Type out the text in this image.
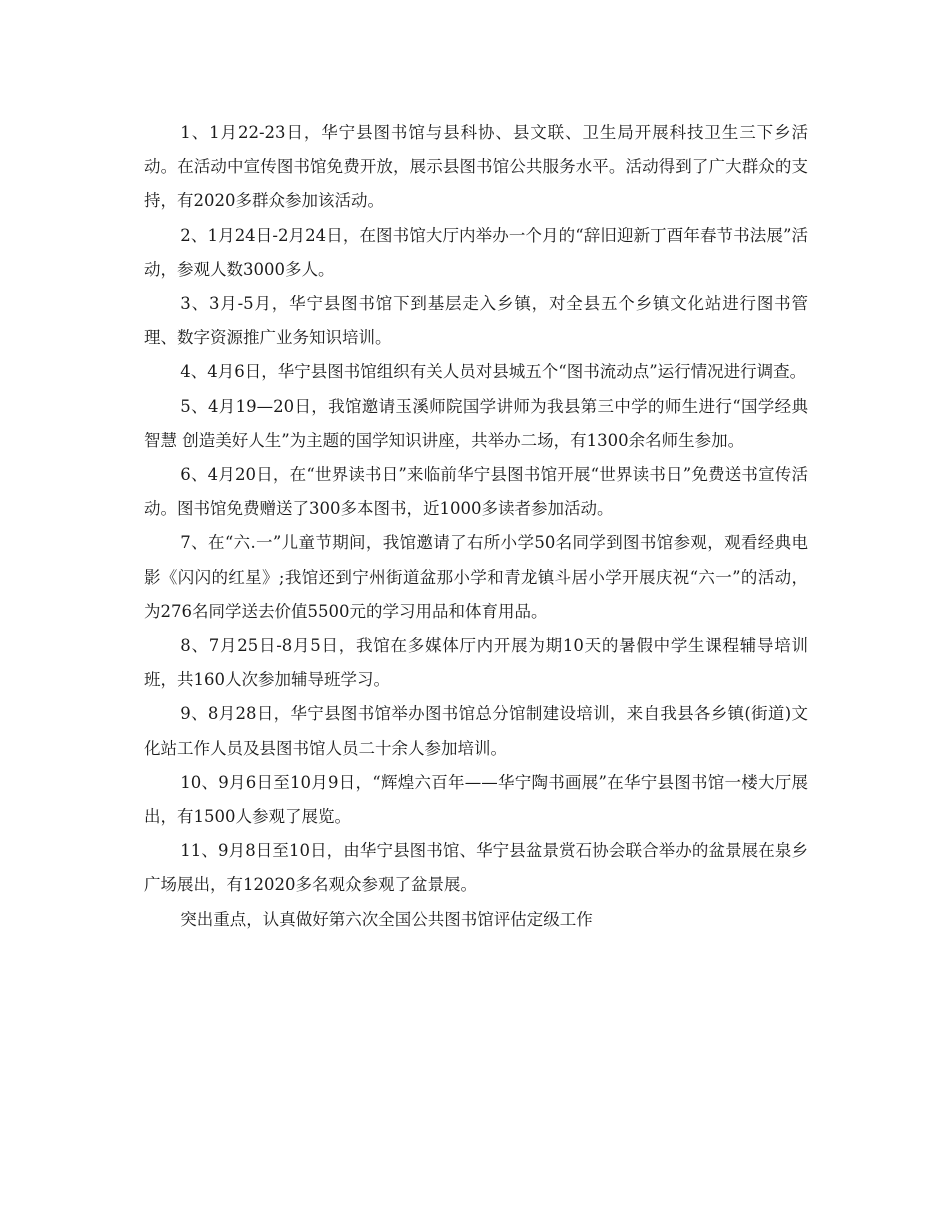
1、1月22-23日，华宁县图书馆与县科协、县文联、卫生局开展科技卫生三下乡活动。在活动中宣传图书馆免费开放，展示县图书馆公共服务水平。活动得到了广大群众的支持，有2020多群众参加该活动。

2、1月24日-2月24日，在图书馆大厅内举办一个月的“辞旧迎新丁酉年春节书法展”活动，参观人数3000多人。

3、3月-5月，华宁县图书馆下到基层走入乡镇，对全县五个乡镇文化站进行图书管理、数字资源推广业务知识培训。

4、4月6日，华宁县图书馆组织有关人员对县城五个“图书流动点”运行情况进行调查。

5、4月19—20日，我馆邀请玉溪师院国学讲师为我县第三中学的师生进行“国学经典智慧 创造美好人生”为主题的国学知识讲座，共举办二场，有1300余名师生参加。

6、4月20日，在“世界读书日”来临前华宁县图书馆开展“世界读书日”免费送书宣传活动。图书馆免费赠送了300多本图书，近1000多读者参加活动。

7、在“六.一”儿童节期间，我馆邀请了右所小学50名同学到图书馆参观，观看经典电影《闪闪的红星》;我馆还到宁州街道盆那小学和青龙镇斗居小学开展庆祝“六一”的活动，为276名同学送去价值5500元的学习用品和体育用品。

8、7月25日-8月5日，我馆在多媒体厅内开展为期10天的暑假中学生课程辅导培训班，共160人次参加辅导班学习。

9、8月28日，华宁县图书馆举办图书馆总分馆制建设培训，来自我县各乡镇(街道)文化站工作人员及县图书馆人员二十余人参加培训。

10、9月6日至10月9日，“辉煌六百年——华宁陶书画展”在华宁县图书馆一楼大厅展出，有1500人参观了展览。

11、9月8日至10日，由华宁县图书馆、华宁县盆景赏石协会联合举办的盆景展在泉乡广场展出，有12020多名观众参观了盆景展。

突出重点，认真做好第六次全国公共图书馆评估定级工作
